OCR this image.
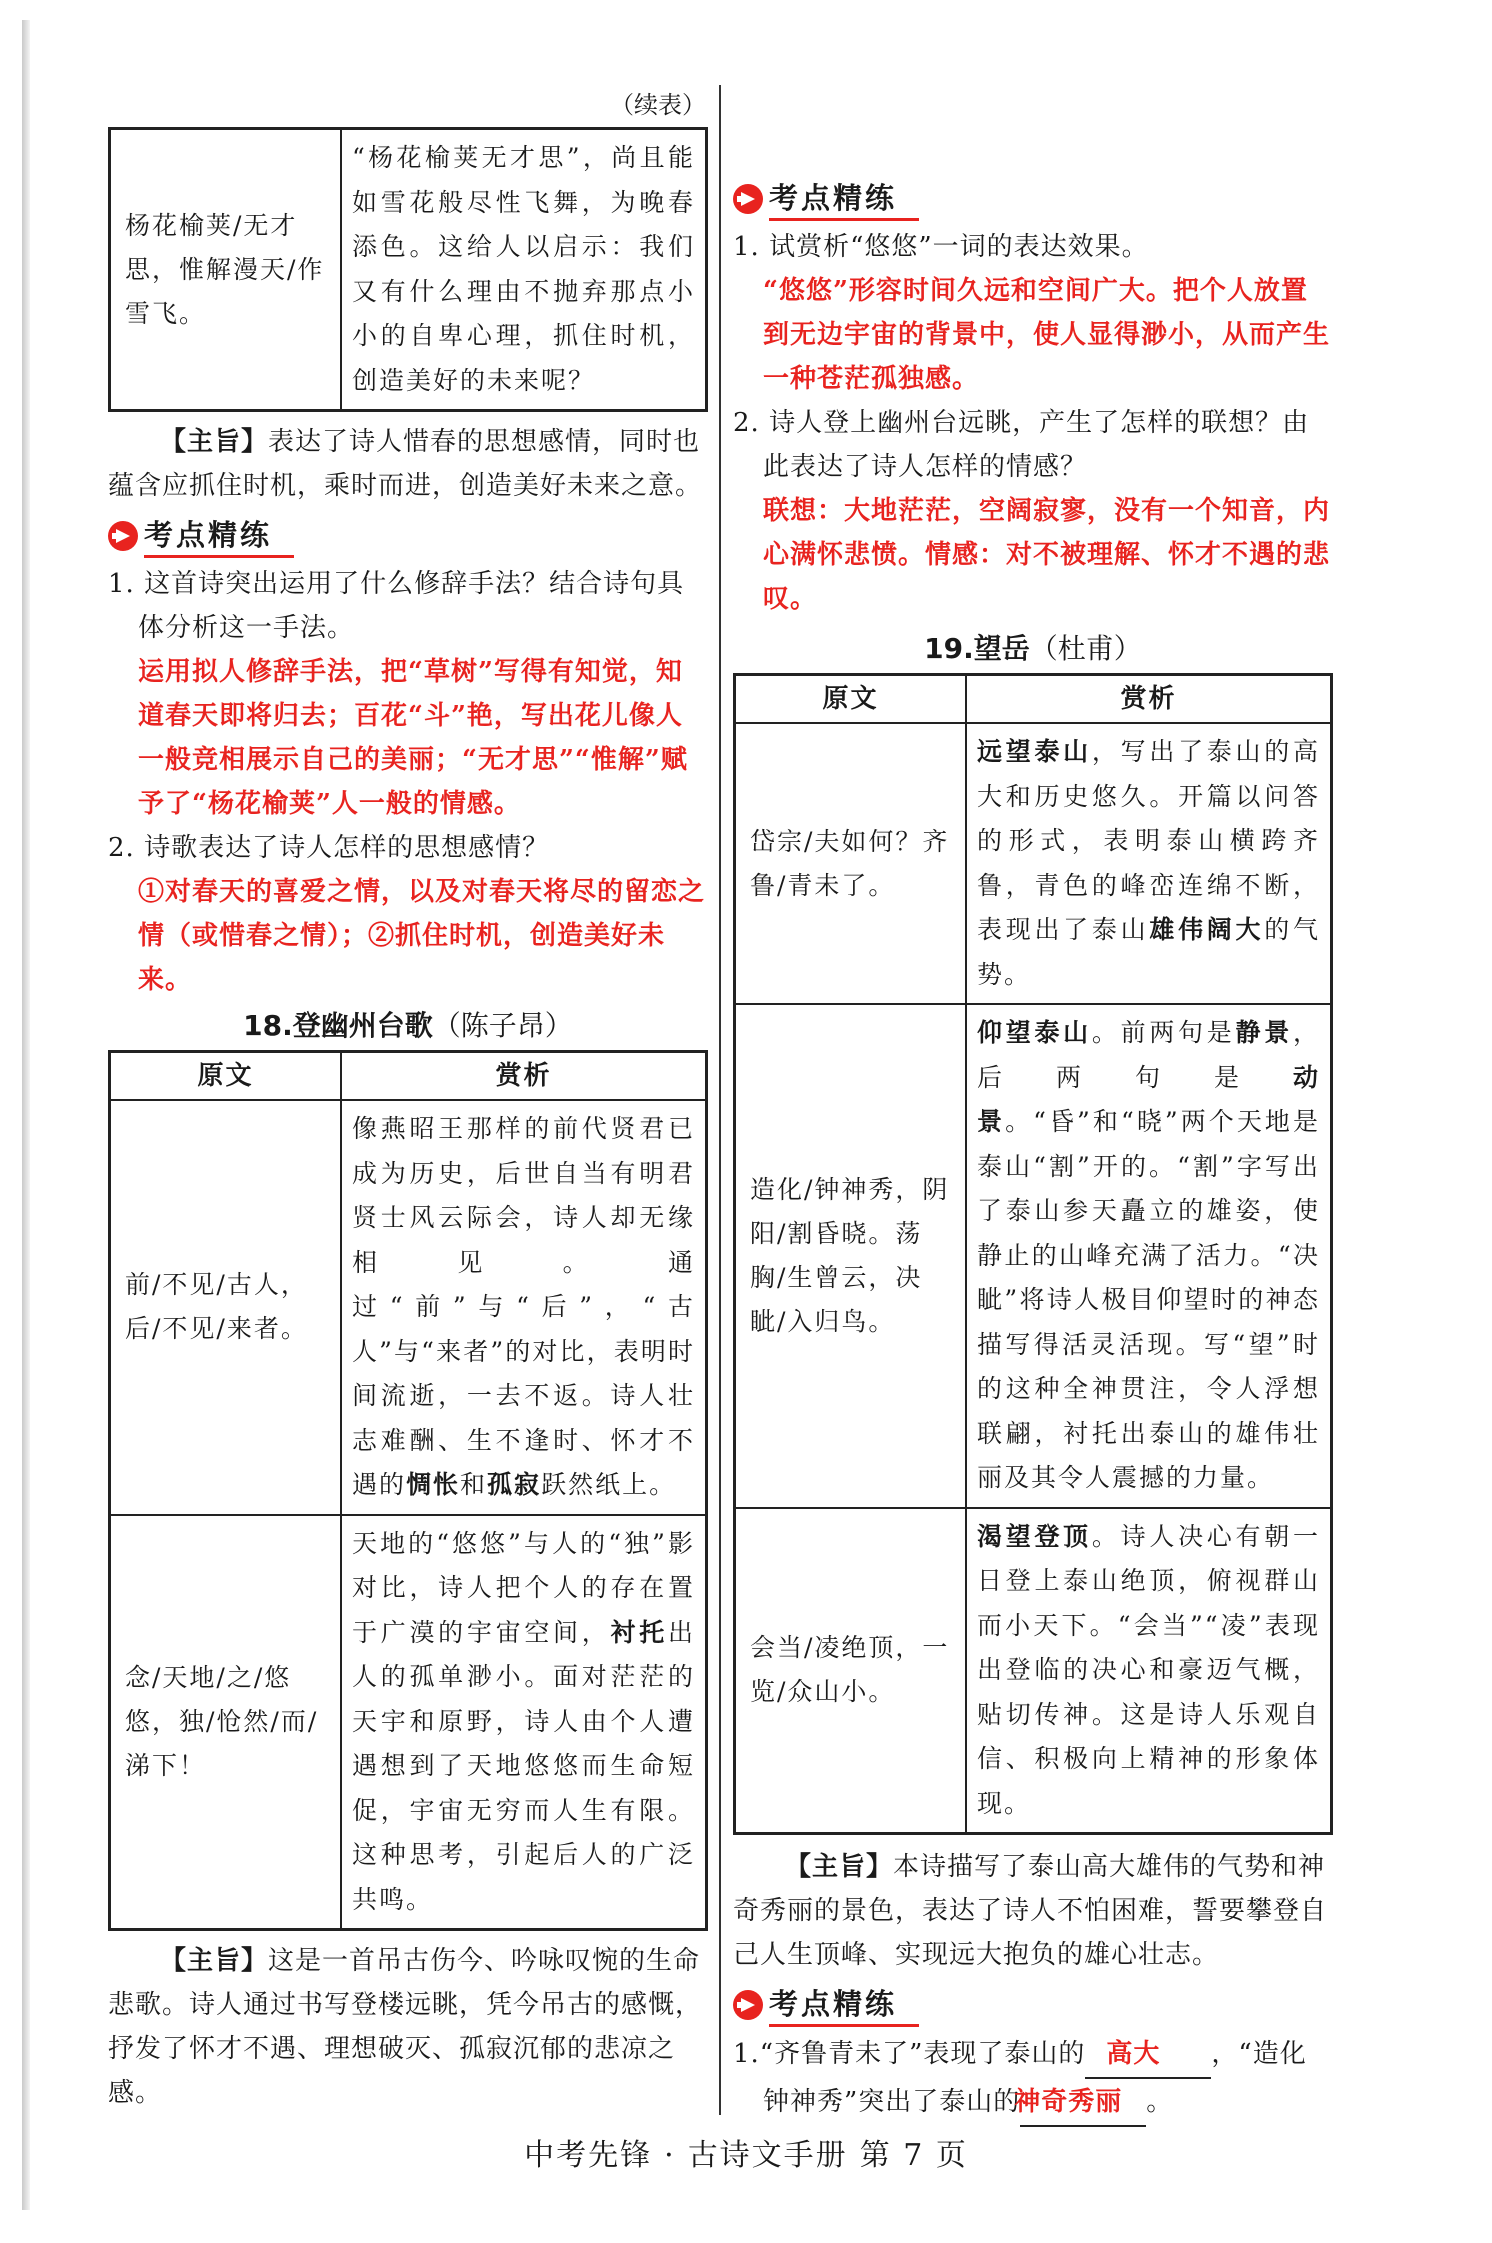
（续表）

杨花榆荚/无才思，惟解漫天/作雪飞。	“杨花榆荚无才思”，尚且能如雪花般尽性飞舞，为晚春添色。这给人以启示：我们又有什么理由不抛弃那点小小的自卑心理，抓住时机，创造美好的未来呢？

【主旨】表达了诗人惜春的思想感情，同时也蕴含应抓住时机，乘时而进，创造美好未来之意。

考点精练

1. 这首诗突出运用了什么修辞手法？结合诗句具体分析这一手法。

运用拟人修辞手法，把“草树”写得有知觉，知道春天即将归去；百花“斗”艳，写出花儿像人一般竞相展示自己的美丽；“无才思”“惟解”赋予了“杨花榆荚”人一般的情感。

2. 诗歌表达了诗人怎样的思想感情？

①对春天的喜爱之情，以及对春天将尽的留恋之情（或惜春之情）；②抓住时机，创造美好未来。

18.登幽州台歌（陈子昂）

原文	赏析
前/不见/古人，后/不见/来者。	像燕昭王那样的前代贤君已成为历史，后世自当有明君贤士风云际会，诗人却无缘相见。通过“前”与“后”，“古人”与“来者”的对比，表明时间流逝，一去不返。诗人壮志难酬、生不逢时、怀才不遇的惆怅和孤寂跃然纸上。
念/天地/之/悠悠，独/怆然/而/涕下！	天地的“悠悠”与人的“独”影对比，诗人把个人的存在置于广漠的宇宙空间，衬托出人的孤单渺小。面对茫茫的天宇和原野，诗人由个人遭遇想到了天地悠悠而生命短促，宇宙无穷而人生有限。这种思考，引起后人的广泛共鸣。

【主旨】这是一首吊古伤今、吟咏叹惋的生命悲歌。诗人通过书写登楼远眺，凭今吊古的感慨，抒发了怀才不遇、理想破灭、孤寂沉郁的悲凉之感。

考点精练

1. 试赏析“悠悠”一词的表达效果。

“悠悠”形容时间久远和空间广大。把个人放置到无边宇宙的背景中，使人显得渺小，从而产生一种苍茫孤独感。

2. 诗人登上幽州台远眺，产生了怎样的联想？由此表达了诗人怎样的情感？

联想：大地茫茫，空阔寂寥，没有一个知音，内心满怀悲愤。情感：对不被理解、怀才不遇的悲叹。

19.望岳（杜甫）

原文	赏析
岱宗/夫如何？齐鲁/青未了。	远望泰山，写出了泰山的高大和历史悠久。开篇以问答的形式，表明泰山横跨齐鲁，青色的峰峦连绵不断，表现出了泰山雄伟阔大的气势。
造化/钟神秀，阴阳/割昏晓。荡胸/生曾云，决眦/入归鸟。	仰望泰山。前两句是静景，后两句是动景。“昏”和“晓”两个天地是泰山“割”开的。“割”字写出了泰山参天矗立的雄姿，使静止的山峰充满了活力。“决眦”将诗人极目仰望时的神态描写得活灵活现。写“望”时的这种全神贯注，令人浮想联翩，衬托出泰山的雄伟壮丽及其令人震撼的力量。
会当/凌绝顶，一览/众山小。	渴望登顶。诗人决心有朝一日登上泰山绝顶，俯视群山而小天下。“会当”“凌”表现出登临的决心和豪迈气概，贴切传神。这是诗人乐观自信、积极向上精神的形象体现。

【主旨】本诗描写了泰山高大雄伟的气势和神奇秀丽的景色，表达了诗人不怕困难，誓要攀登自己人生顶峰、实现远大抱负的雄心壮志。

考点精练

1.“齐鲁青未了”表现了泰山的 高大 ，“造化钟神秀”突出了泰山的神奇秀丽 。

中考先锋 · 古诗文手册 第 7 页
